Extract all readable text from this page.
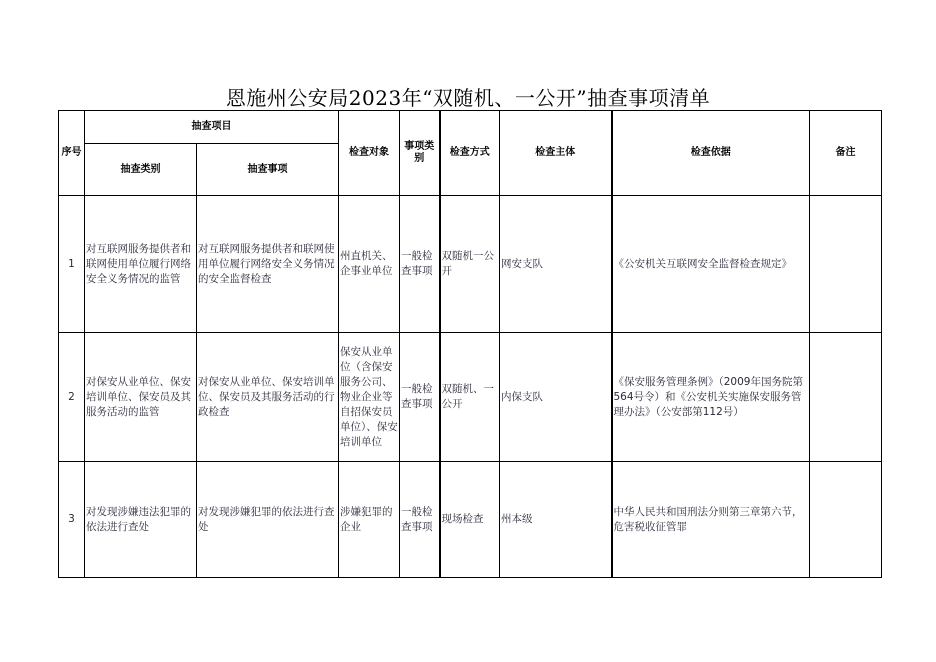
恩施州公安局2023年“双随机、一公开”抽查事项清单
序号	抽查项目		检查对象	事项类别	检查方式	检查主体	检查依据	备注
	抽查类别	抽查事项						
1	对互联网服务提供者和联网使用单位履行网络安全义务情况的监管	对互联网服务提供者和联网使用单位履行网络安全义务情况的安全监督检查	州直机关、企事业单位	一般检查事项	双随机一公开	网安支队	《公安机关互联网安全监督检查规定》	
2	对保安从业单位、保安培训单位、保安员及其服务活动的监管	对保安从业单位、保安培训单位、保安员及其服务活动的行政检查	保安从业单位（含保安服务公司、物业企业等自招保安员单位）、保安培训单位	一般检查事项	双随机、一公开	内保支队	《保安服务管理条例》（2009年国务院第564号令）和《公安机关实施保安服务管理办法》（公安部第112号）	
3	对发现涉嫌违法犯罪的依法进行查处	对发现涉嫌犯罪的依法进行查处	涉嫌犯罪的企业	一般检查事项	现场检查	州本级	中华人民共和国刑法分则第三章第六节，危害税收征管罪	
